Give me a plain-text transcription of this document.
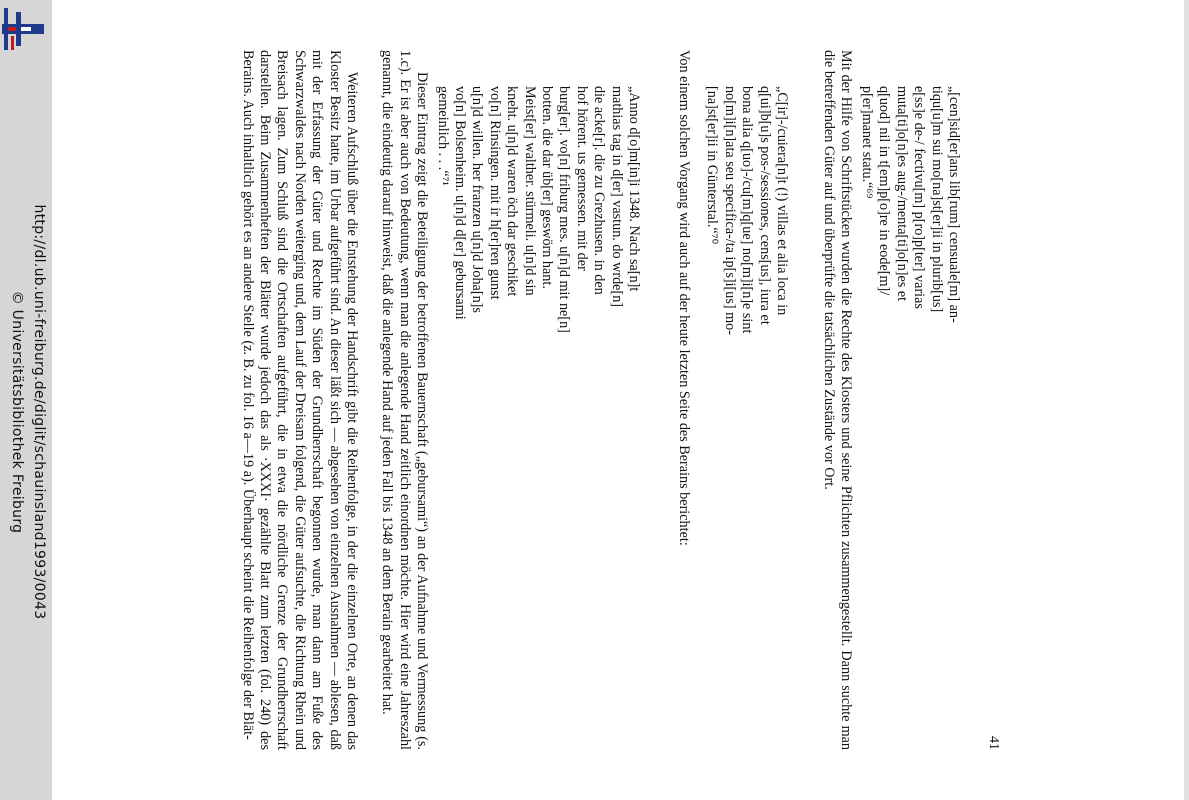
http://dl.ub.uni-freiburg.de/diglit/schauinsland1993/0043
© Universitätsbibliothek Freiburg
41
„[cen]sid[er]ans lib[rum] censuale[m] an-
tiqu[u]m sui mo[na]st[er]ii in plurib[us]
e[ss]e de-/ fectivu[m] p[ro]p[ter] varias
muta[ti]o[n]es aug-/menta[ti]o[n]es et
q[uod] nil in t[em]p[o]re in eode[m]/
p[er]manet statu.“⁶⁹

Mit der Hilfe von Schriftstücken wurden die Rechte des Klosters und seine Pflichten zusammengestellt. Dann suchte man die betreffenden Güter auf und überprüfte die tatsächlichen Zustände vor Ort.

„C[ir]-/cuiera[n]t (!) villas et alia loca in
q[ui]b[u]s pos-/sessiones, cens[us], iura et
bona alia q[uo]-/cu[m]q[ue] no[m]i[n]e sint
no[m]i[n]ata seu specifica-/ta ip[s]i[us] mo-
[na]st[er]ii in Günterstal.“⁷⁰

Von einem solchen Vorgang wird auch auf der heute letzten Seite des Berains berichtet:

„Anno d[o]m[in]i 1348. Nach sa[n]t
mathias tag in d[er] vastun. do wrde[n]
die acke[r]. die zu Grezhusen. in den
hof hörent. us gemessen. mit der
burg[er]. vo[n] friburg mes. u[n]d mit ne[n]
botten. die dar üb[er] geswörn hant.
Meist[er] walther. stürmeli. u[n]d sin
kneht. u[n]d waren öch dar geschiket
vo[n] Rinsingen. mit ir h[er]ren gunst
u[n]d willen. her franzen u[n]d Joha[n]s
vo[n] Bolsenheim. u[n]d d[er] gebursami
gemeinlich . . .“⁷¹

Dieser Eintrag zeigt die Beteiligung der betroffenen Bauernschaft („gebursami“) an der Aufnahme und Vermessung (s. 1.c). Er ist aber auch von Bedeutung, wenn man die anlegende Hand zeitlich einordnen möchte. Hier wird eine Jahreszahl genannt, die eindeutig darauf hinweist, daß die anlegende Hand auf jeden Fall bis 1348 an dem Berain gearbeitet hat.

Weiteren Aufschluß über die Entstehung der Handschrift gibt die Reihenfolge, in der die einzelnen Orte, an denen das Kloster Besitz hatte, im Urbar aufgeführt sind. An dieser läßt sich — abgesehen von einzelnen Ausnahmen — ablesen, daß mit der Erfassung der Güter und Rechte im Süden der Grundherrschaft begonnen wurde, man dann am Fuße des Schwarzwaldes nach Norden weiterging und, dem Lauf der Dreisam folgend, die Güter aufsuchte, die Richtung Rhein und Breisach lagen. Zum Schluß sind die Ortschaften aufgeführt, die in etwa die nördliche Grenze der Grundherrschaft darstellen. Beim Zusammenheften der Blätter wurde jedoch das als ·XXXI· gezählte Blatt zum letzten (fol. 240) des Berains. Auch inhaltlich gehört es an andere Stelle (z. B. zu fol. 16 a—19 a). Überhaupt scheint die Reihenfolge der Blät-
